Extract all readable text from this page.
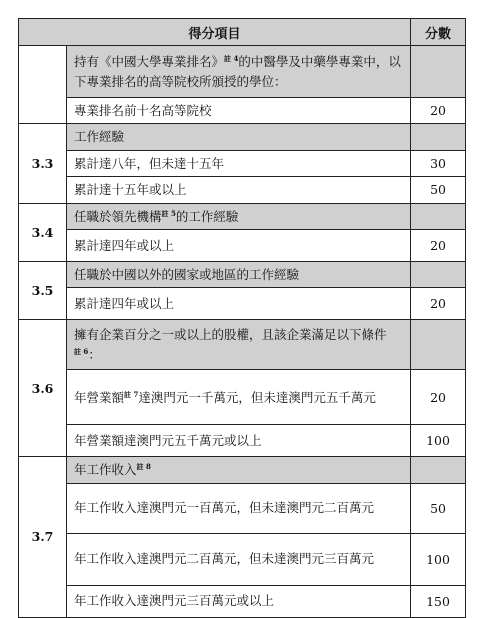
得分項目		分數
	持有《中國大學專業排名》$^{註 4}$的中醫學及中藥學專業中，以下專業排名的高等院校所頒授的學位：	
	專業排名前十名高等院校	20
3.3	工作經驗	
	累計達八年，但未達十五年	30
	累計達十五年或以上	50
3.4	任職於領先機構$^{註 5}$的工作經驗	
	累計達四年或以上	20
3.5	任職於中國以外的國家或地區的工作經驗	
	累計達四年或以上	20
3.6	擁有企業百分之一或以上的股權，且該企業滿足以下條件
$^{註 6}$：	
	年營業額$^{註 7}$達澳門元一千萬元，但未達澳門元五千萬元	20
	年營業額達澳門元五千萬元或以上	100
3.7	年工作收入$^{註 8}$	
	年工作收入達澳門元一百萬元，但未達澳門元二百萬元	50
	年工作收入達澳門元二百萬元，但未達澳門元三百萬元	100
	年工作收入達澳門元三百萬元或以上	150
